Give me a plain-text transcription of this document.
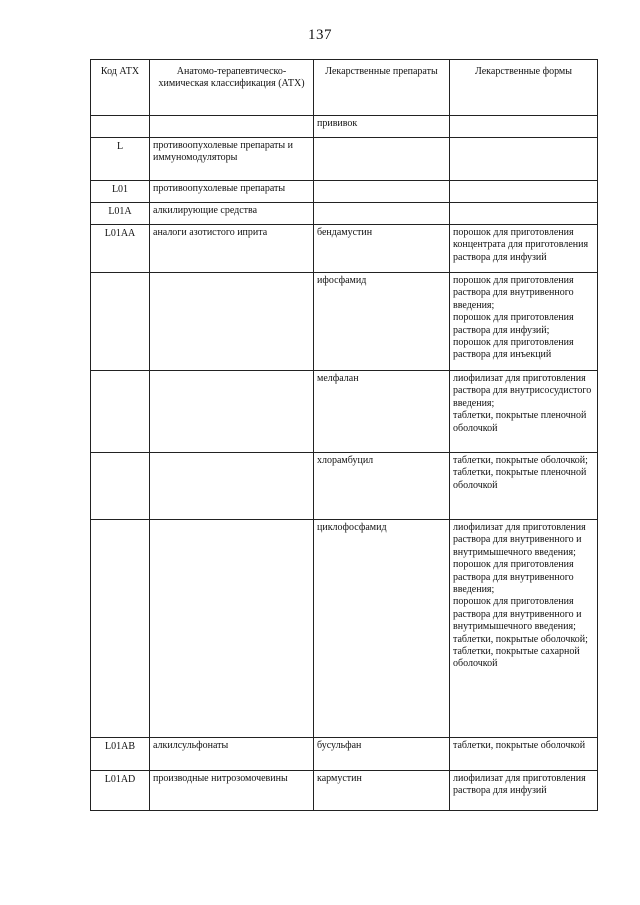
137
Код АТХ	Анатомо-терапевтическо-химическая классификация (АТХ)	Лекарственные препараты	Лекарственные формы
		прививок	
L	противоопухолевые препараты и иммуномодуляторы		
L01	противоопухолевые препараты		
L01A	алкилирующие средства		
L01AA	аналоги азотистого иприта	бендамустин	порошок для приготовления концентрата для приготовления раствора для инфузий

		ифосфамид	порошок для приготовления раствора для внутривенного введения;
порошок для приготовления раствора для инфузий;
порошок для приготовления раствора для инъекций

		мелфалан	лиофилизат для приготовления раствора для внутрисосудистого введения;
таблетки, покрытые пленочной оболочкой

		хлорамбуцил	таблетки, покрытые оболочкой;
таблетки, покрытые пленочной оболочкой

		циклофосфамид	лиофилизат для приготовления раствора для внутривенного и внутримышечного введения;
порошок для приготовления раствора для внутривенного введения;
порошок для приготовления раствора для внутривенного и внутримышечного введения;
таблетки, покрытые оболочкой;
таблетки, покрытые сахарной оболочкой

L01AB	алкилсульфонаты	бусульфан	таблетки, покрытые оболочкой

L01AD	производные нитрозомочевины	кармустин	лиофилизат для приготовления раствора для инфузий
